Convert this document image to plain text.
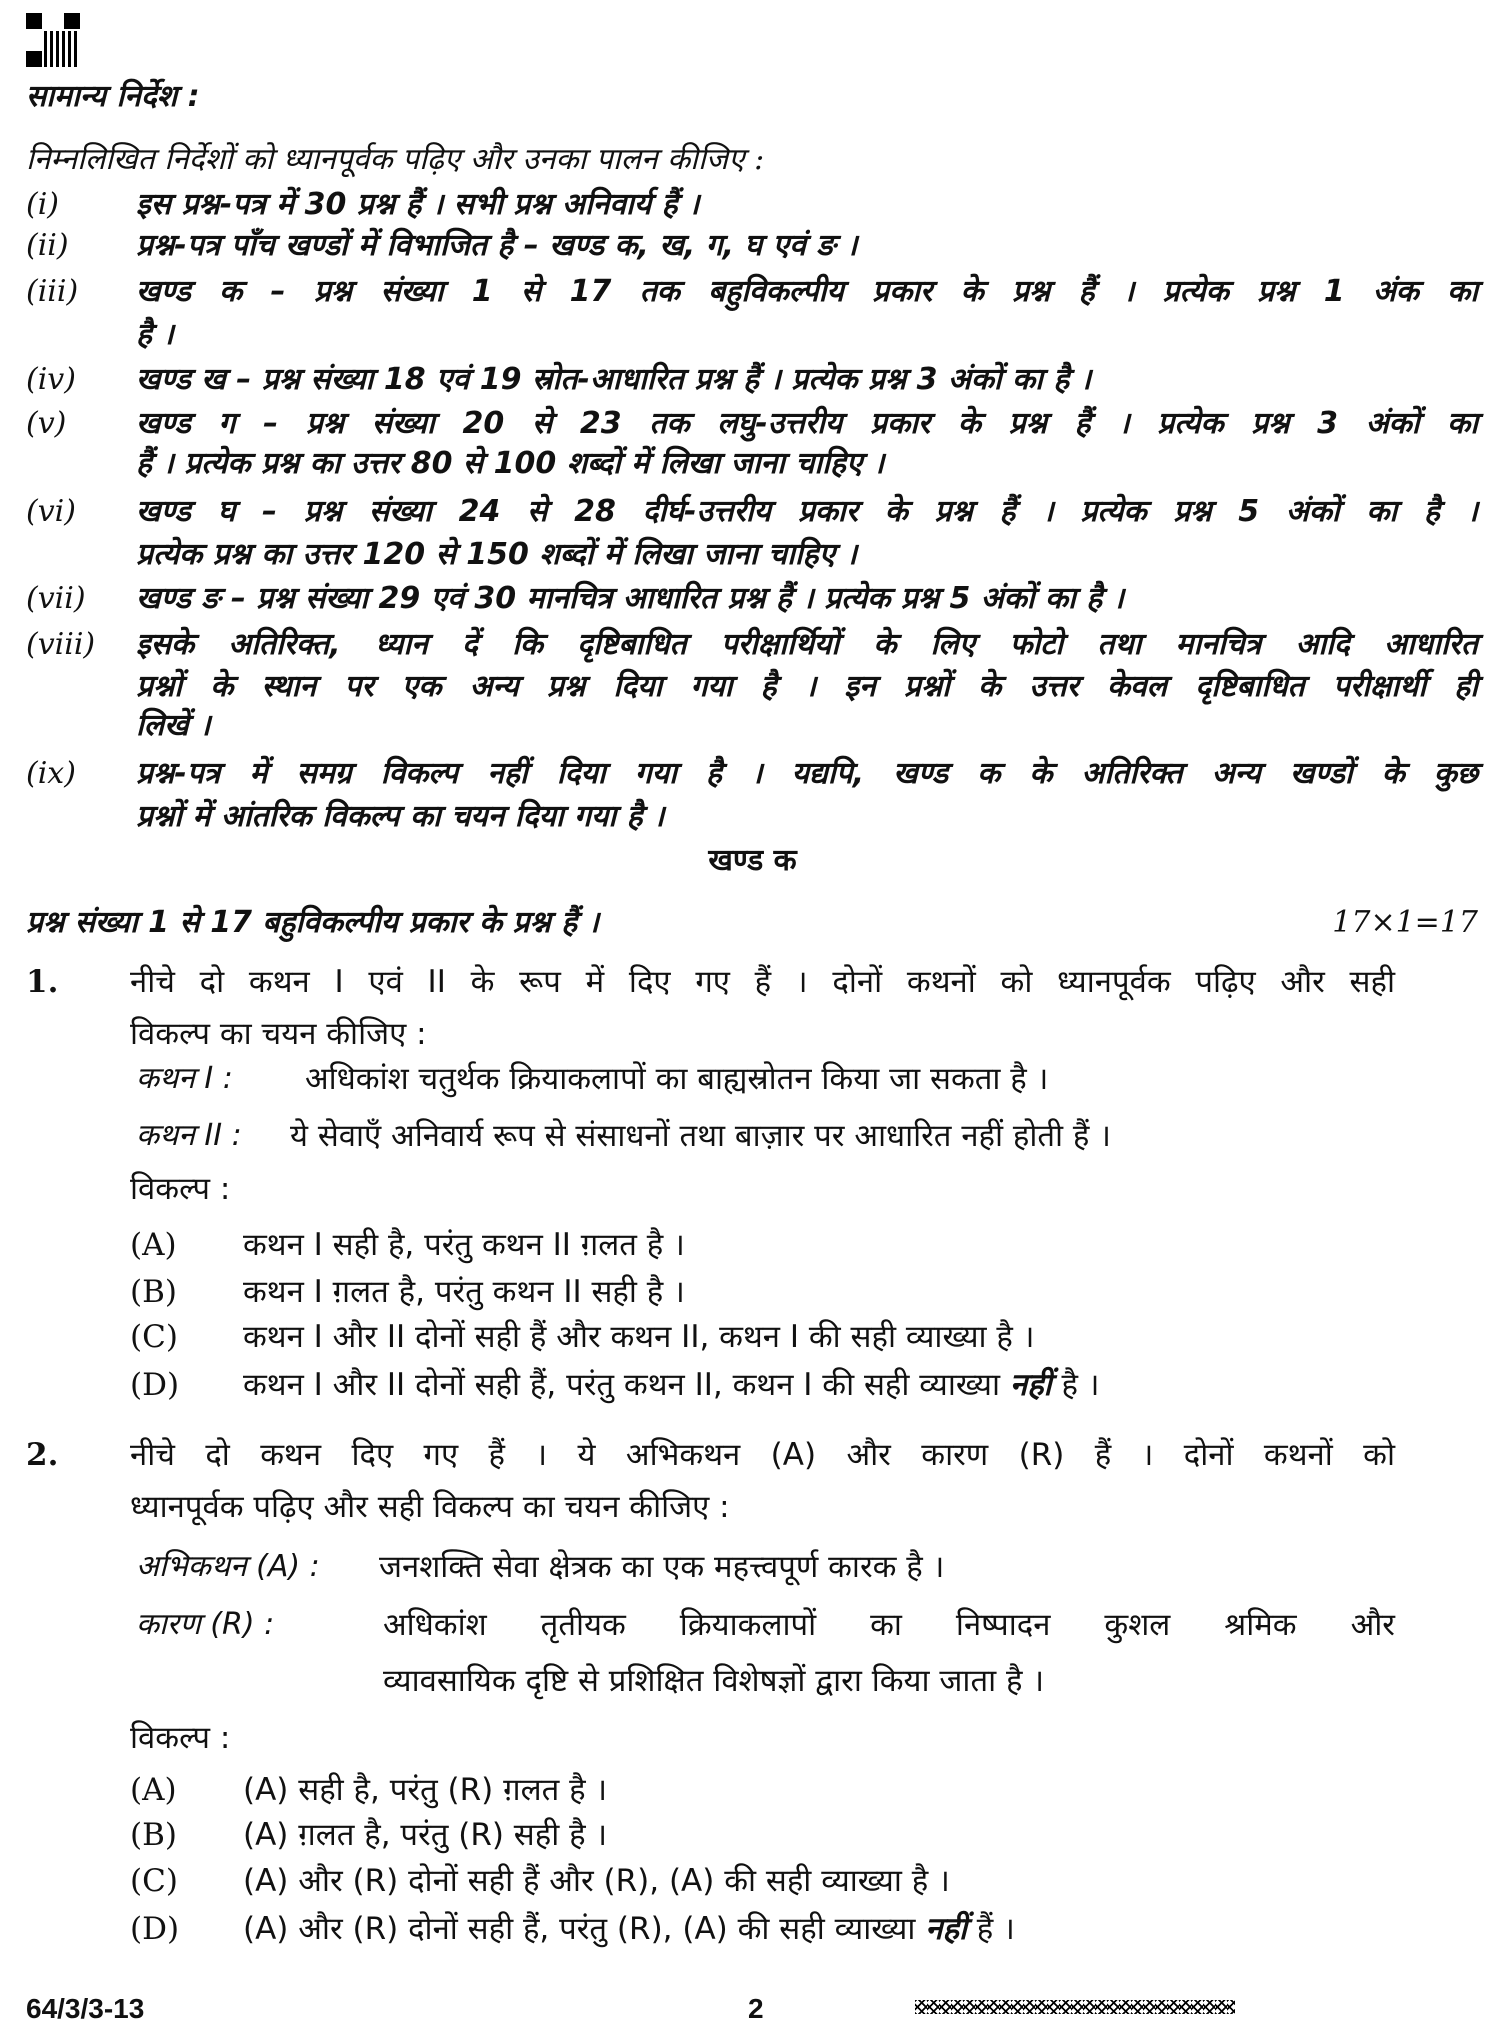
सामान्य निर्देश :
निम्नलिखित निर्देशों को ध्यानपूर्वक पढ़िए और उनका पालन कीजिए :
(i)	इस प्रश्न-पत्र में 30 प्रश्न हैं । सभी प्रश्न अनिवार्य हैं ।
(ii) प्रश्न-पत्र पाँच खण्डों में विभाजित है – खण्ड क, ख, ग, घ एवं ङ ।
(iii) खण्ड क – प्रश्न संख्या 1 से 17 तक बहुविकल्पीय प्रकार के प्रश्न हैं । प्रत्येक प्रश्न 1 अंक का
है ।
(iv) खण्ड ख – प्रश्न संख्या 18 एवं 19 स्रोत-आधारित प्रश्न हैं । प्रत्येक प्रश्न 3 अंकों का है ।
(v) खण्ड ग – प्रश्न संख्या 20 से 23 तक लघु-उत्तरीय प्रकार के प्रश्न हैं । प्रत्येक प्रश्न 3 अंकों का
हैं । प्रत्येक प्रश्न का उत्तर 80 से 100 शब्दों में लिखा जाना चाहिए ।
(vi) खण्ड घ – प्रश्न संख्या 24 से 28 दीर्घ-उत्तरीय प्रकार के प्रश्न हैं । प्रत्येक प्रश्न 5 अंकों का है ।
प्रत्येक प्रश्न का उत्तर 120 से 150 शब्दों में लिखा जाना चाहिए ।
(vii) खण्ड ङ – प्रश्न संख्या 29 एवं 30 मानचित्र आधारित प्रश्न हैं । प्रत्येक प्रश्न 5 अंकों का है ।
(viii) इसके अतिरिक्त, ध्यान दें कि दृष्टिबाधित परीक्षार्थियों के लिए फोटो तथा मानचित्र आदि आधारित
प्रश्नों के स्थान पर एक अन्य प्रश्न दिया गया है । इन प्रश्नों के उत्तर केवल दृष्टिबाधित परीक्षार्थी ही
लिखें ।
(ix) प्रश्न-पत्र में समग्र विकल्प नहीं दिया गया है । यद्यपि, खण्ड क के अतिरिक्त अन्य खण्डों के कुछ
प्रश्नों में आंतरिक विकल्प का चयन दिया गया है ।
खण्ड क
प्रश्न संख्या 1 से 17 बहुविकल्पीय प्रकार के प्रश्न हैं ।	17×1=17
1. नीचे दो कथन I एवं II के रूप में दिए गए हैं । दोनों कथनों को ध्यानपूर्वक पढ़िए और सही
विकल्प का चयन कीजिए :
कथन I : अधिकांश चतुर्थक क्रियाकलापों का बाह्यस्रोतन किया जा सकता है ।
कथन II : ये सेवाएँ अनिवार्य रूप से संसाधनों तथा बाज़ार पर आधारित नहीं होती हैं ।
विकल्प :
(A) कथन I सही है, परंतु कथन II ग़लत है ।
(B) कथन I ग़लत है, परंतु कथन II सही है ।
(C) कथन I और II दोनों सही हैं और कथन II, कथन I की सही व्याख्या है ।
(D) कथन I और II दोनों सही हैं, परंतु कथन II, कथन I की सही व्याख्या नहीं है ।
2. नीचे दो कथन दिए गए हैं । ये अभिकथन (A) और कारण (R) हैं । दोनों कथनों को
ध्यानपूर्वक पढ़िए और सही विकल्प का चयन कीजिए :
अभिकथन (A) : जनशक्ति सेवा क्षेत्रक का एक महत्त्वपूर्ण कारक है ।
कारण (R) :	अधिकांश तृतीयक क्रियाकलापों का निष्पादन कुशल श्रमिक और
व्यावसायिक दृष्टि से प्रशिक्षित विशेषज्ञों द्वारा किया जाता है ।
विकल्प :
(A) (A) सही है, परंतु (R) ग़लत है ।
(B) (A) ग़लत है, परंतु (R) सही है ।
(C) (A) और (R) दोनों सही हैं और (R), (A) की सही व्याख्या है ।
(D) (A) और (R) दोनों सही हैं, परंतु (R), (A) की सही व्याख्या नहीं हैं ।
64/3/3-13	2
